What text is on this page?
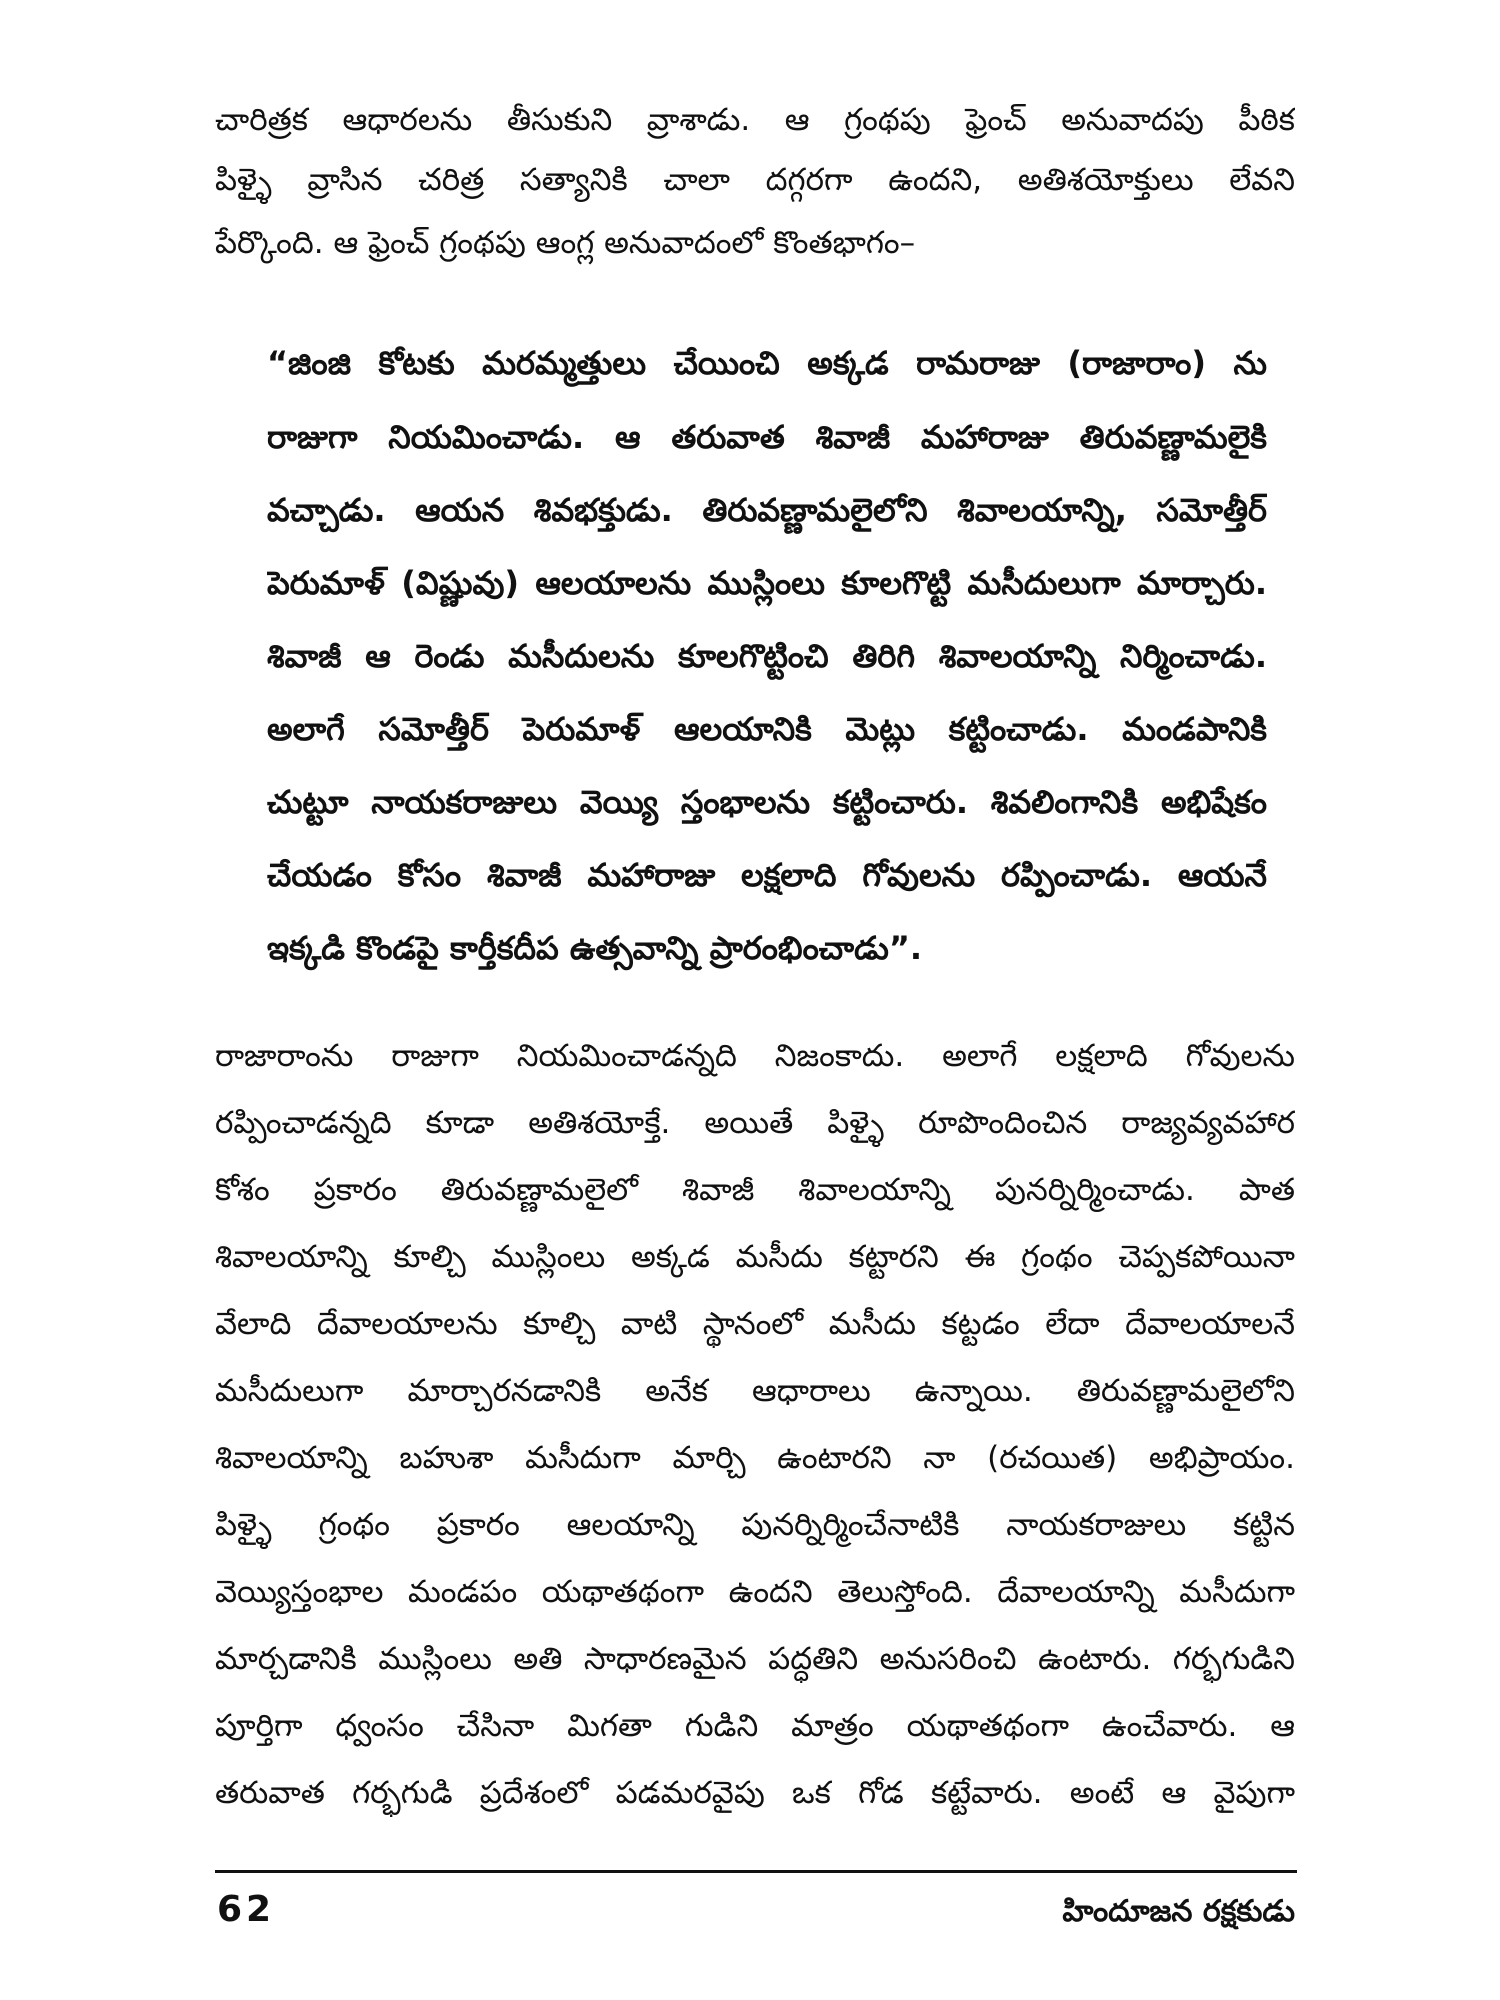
చారిత్రక ఆధారలను తీసుకుని వ్రాశాడు. ఆ గ్రంథపు ఫ్రెంచ్ అనువాదపు పీఠిక
పిళ్ళై వ్రాసిన చరిత్ర సత్యానికి చాలా దగ్గరగా ఉందని, అతిశయోక్తులు లేవని
పేర్కొంది. ఆ ఫ్రెంచ్ గ్రంథపు ఆంగ్ల అనువాదంలో కొంతభాగం–
“జింజి కోటకు మరమ్మత్తులు చేయించి అక్కడ రామరాజు (రాజారాం) ను
రాజుగా నియమించాడు. ఆ తరువాత శివాజీ మహారాజు తిరువణ్ణామలైకి
వచ్చాడు. ఆయన శివభక్తుడు. తిరువణ్ణామలైలోని శివాలయాన్ని, సమోత్తీర్
పెరుమాళ్ (విష్ణువు) ఆలయాలను ముస్లింలు కూలగొట్టి మసీదులుగా మార్చారు.
శివాజీ ఆ రెండు మసీదులను కూలగొట్టించి తిరిగి శివాలయాన్ని నిర్మించాడు.
అలాగే సమోత్తీర్ పెరుమాళ్ ఆలయానికి మెట్లు కట్టించాడు. మండపానికి
చుట్టూ నాయకరాజులు వెయ్యి స్తంభాలను కట్టించారు. శివలింగానికి అభిషేకం
చేయడం కోసం శివాజీ మహారాజు లక్షలాది గోవులను రప్పించాడు. ఆయనే
ఇక్కడి కొండపై కార్తీకదీప ఉత్సవాన్ని ప్రారంభించాడు”.
రాజారాంను రాజుగా నియమించాడన్నది నిజంకాదు. అలాగే లక్షలాది గోవులను
రప్పించాడన్నది కూడా అతిశయోక్తే. అయితే పిళ్ళై రూపొందించిన రాజ్యవ్యవహార
కోశం ప్రకారం తిరువణ్ణామలైలో శివాజీ శివాలయాన్ని పునర్నిర్మించాడు. పాత
శివాలయాన్ని కూల్చి ముస్లింలు అక్కడ మసీదు కట్టారని ఈ గ్రంథం చెప్పకపోయినా
వేలాది దేవాలయాలను కూల్చి వాటి స్థానంలో మసీదు కట్టడం లేదా దేవాలయాలనే
మసీదులుగా మార్చారనడానికి అనేక ఆధారాలు ఉన్నాయి. తిరువణ్ణామలైలోని
శివాలయాన్ని బహుశా మసీదుగా మార్చి ఉంటారని నా (రచయిత) అభిప్రాయం.
పిళ్ళై గ్రంథం ప్రకారం ఆలయాన్ని పునర్నిర్మించేనాటికి నాయకరాజులు కట్టిన
వెయ్యిస్తంభాల మండపం యథాతథంగా ఉందని తెలుస్తోంది. దేవాలయాన్ని మసీదుగా
మార్చడానికి ముస్లింలు అతి సాధారణమైన పద్ధతిని అనుసరించి ఉంటారు. గర్భగుడిని
పూర్తిగా ధ్వంసం చేసినా మిగతా గుడిని మాత్రం యథాతథంగా ఉంచేవారు. ఆ
తరువాత గర్భగుడి ప్రదేశంలో పడమరవైపు ఒక గోడ కట్టేవారు. అంటే ఆ వైపుగా
62	హిందూజన రక్షకుడు
